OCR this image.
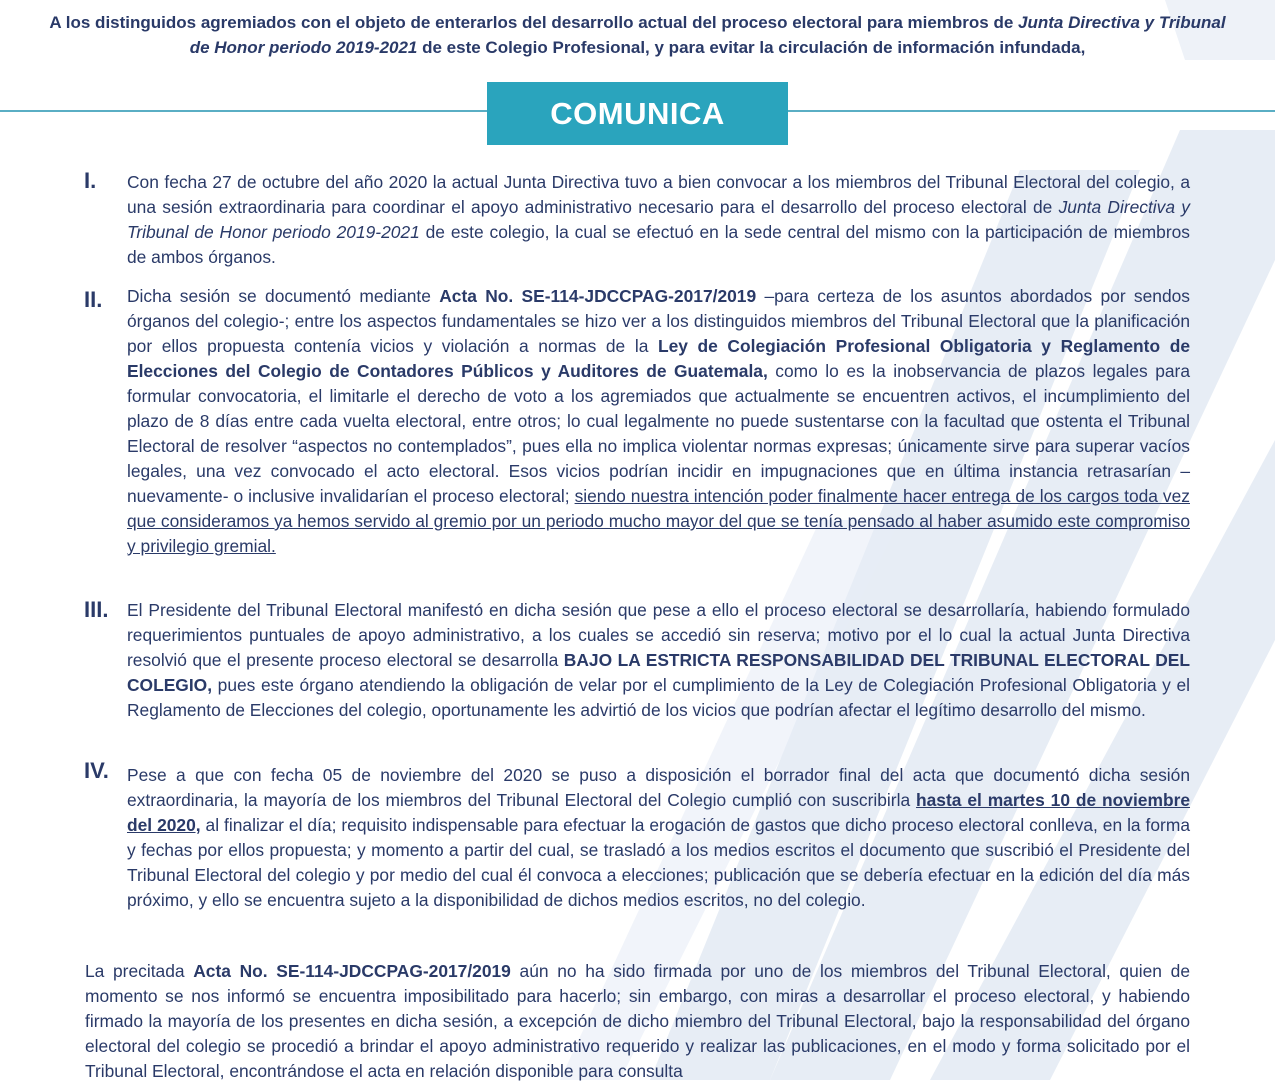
A los distinguidos agremiados con el objeto de enterarlos del desarrollo actual del proceso electoral para miembros de Junta Directiva y Tribunal de Honor periodo 2019-2021 de este Colegio Profesional, y para evitar la circulación de información infundada,
COMUNICA
I. Con fecha 27 de octubre del año 2020 la actual Junta Directiva tuvo a bien convocar a los miembros del Tribunal Electoral del colegio, a una sesión extraordinaria para coordinar el apoyo administrativo necesario para el desarrollo del proceso electoral de Junta Directiva y Tribunal de Honor periodo 2019-2021 de este colegio, la cual se efectuó en la sede central del mismo con la participación de miembros de ambos órganos.
II. Dicha sesión se documentó mediante Acta No. SE-114-JDCCPAG-2017/2019 –para certeza de los asuntos abordados por sendos órganos del colegio-; entre los aspectos fundamentales se hizo ver a los distinguidos miembros del Tribunal Electoral que la planificación por ellos propuesta contenía vicios y violación a normas de la Ley de Colegiación Profesional Obligatoria y Reglamento de Elecciones del Colegio de Contadores Públicos y Auditores de Guatemala, como lo es la inobservancia de plazos legales para formular convocatoria, el limitarle el derecho de voto a los agremiados que actualmente se encuentren activos, el incumplimiento del plazo de 8 días entre cada vuelta electoral, entre otros; lo cual legalmente no puede sustentarse con la facultad que ostenta el Tribunal Electoral de resolver “aspectos no contemplados”, pues ella no implica violentar normas expresas; únicamente sirve para superar vacíos legales, una vez convocado el acto electoral. Esos vicios podrían incidir en impugnaciones que en última instancia retrasarían –nuevamente- o inclusive invalidarían el proceso electoral; siendo nuestra intención poder finalmente hacer entrega de los cargos toda vez que consideramos ya hemos servido al gremio por un periodo mucho mayor del que se tenía pensado al haber asumido este compromiso y privilegio gremial.
III. El Presidente del Tribunal Electoral manifestó en dicha sesión que pese a ello el proceso electoral se desarrollaría, habiendo formulado requerimientos puntuales de apoyo administrativo, a los cuales se accedió sin reserva; motivo por el lo cual la actual Junta Directiva resolvió que el presente proceso electoral se desarrolla BAJO LA ESTRICTA RESPONSABILIDAD DEL TRIBUNAL ELECTORAL DEL COLEGIO, pues este órgano atendiendo la obligación de velar por el cumplimiento de la Ley de Colegiación Profesional Obligatoria y el Reglamento de Elecciones del colegio, oportunamente les advirtió de los vicios que podrían afectar el legítimo desarrollo del mismo.
IV. Pese a que con fecha 05 de noviembre del 2020 se puso a disposición el borrador final del acta que documentó dicha sesión extraordinaria, la mayoría de los miembros del Tribunal Electoral del Colegio cumplió con suscribirla hasta el martes 10 de noviembre del 2020, al finalizar el día; requisito indispensable para efectuar la erogación de gastos que dicho proceso electoral conlleva, en la forma y fechas por ellos propuesta; y momento a partir del cual, se trasladó a los medios escritos el documento que suscribió el Presidente del Tribunal Electoral del colegio y por medio del cual él convoca a elecciones; publicación que se debería efectuar en la edición del día más próximo, y ello se encuentra sujeto a la disponibilidad de dichos medios escritos, no del colegio.
La precitada Acta No. SE-114-JDCCPAG-2017/2019 aún no ha sido firmada por uno de los miembros del Tribunal Electoral, quien de momento se nos informó se encuentra imposibilitado para hacerlo; sin embargo, con miras a desarrollar el proceso electoral, y habiendo firmado la mayoría de los presentes en dicha sesión, a excepción de dicho miembro del Tribunal Electoral, bajo la responsabilidad del órgano electoral del colegio se procedió a brindar el apoyo administrativo requerido y realizar las publicaciones, en el modo y forma solicitado por el Tribunal Electoral, encontrándose el acta en relación disponible para consulta
